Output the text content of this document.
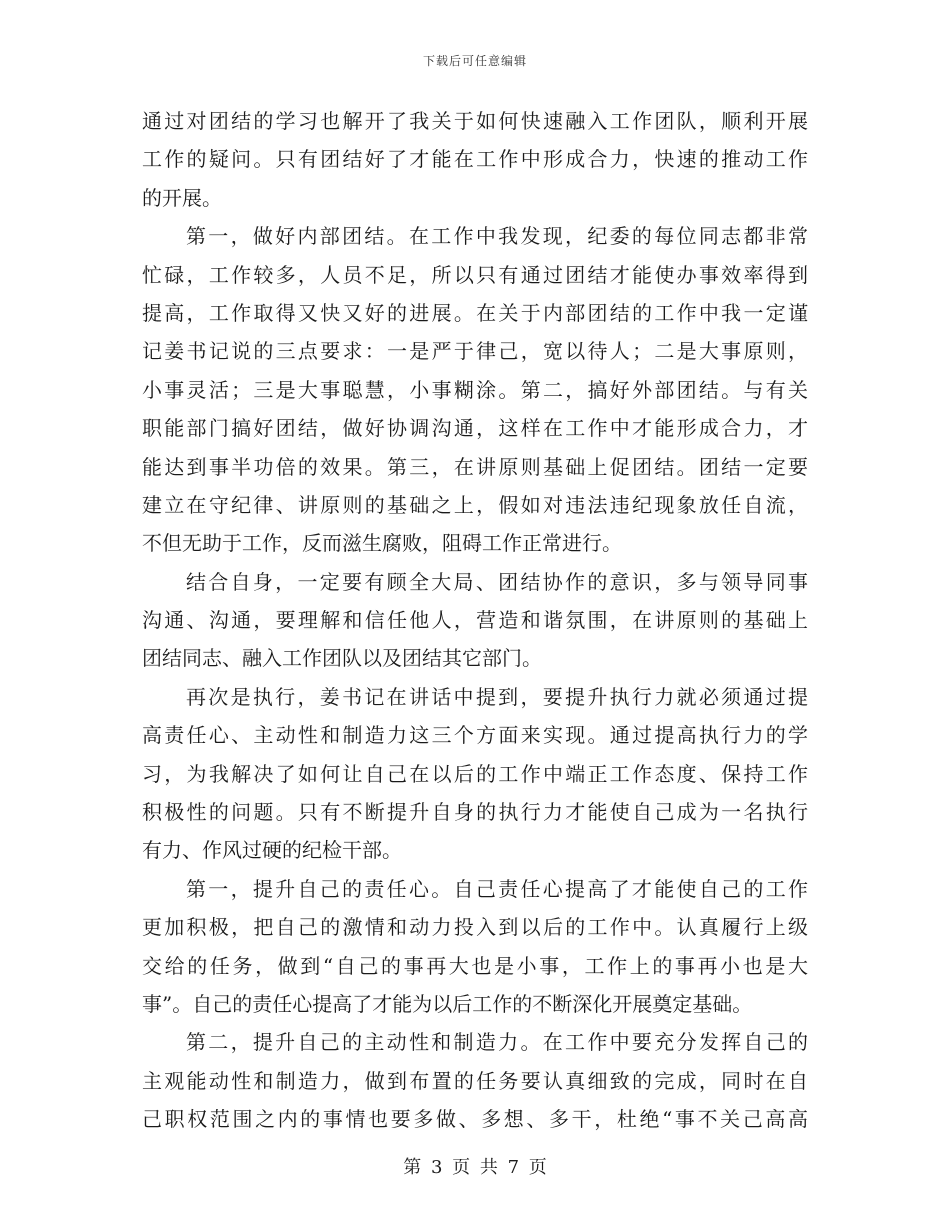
下载后可任意编辑
通过对团结的学习也解开了我关于如何快速融入工作团队，顺利开展
工作的疑问。只有团结好了才能在工作中形成合力，快速的推动工作
的开展。
第一，做好内部团结。在工作中我发现，纪委的每位同志都非常
忙碌，工作较多，人员不足，所以只有通过团结才能使办事效率得到
提高，工作取得又快又好的进展。在关于内部团结的工作中我一定谨
记姜书记说的三点要求：一是严于律己，宽以待人；二是大事原则，
小事灵活；三是大事聪慧，小事糊涂。第二，搞好外部团结。与有关
职能部门搞好团结，做好协调沟通，这样在工作中才能形成合力，才
能达到事半功倍的效果。第三，在讲原则基础上促团结。团结一定要
建立在守纪律、讲原则的基础之上，假如对违法违纪现象放任自流，
不但无助于工作，反而滋生腐败，阻碍工作正常进行。
结合自身，一定要有顾全大局、团结协作的意识，多与领导同事
沟通、沟通，要理解和信任他人，营造和谐氛围，在讲原则的基础上
团结同志、融入工作团队以及团结其它部门。
再次是执行，姜书记在讲话中提到，要提升执行力就必须通过提
高责任心、主动性和制造力这三个方面来实现。通过提高执行力的学
习，为我解决了如何让自己在以后的工作中端正工作态度、保持工作
积极性的问题。只有不断提升自身的执行力才能使自己成为一名执行
有力、作风过硬的纪检干部。
第一，提升自己的责任心。自己责任心提高了才能使自己的工作
更加积极，把自己的激情和动力投入到以后的工作中。认真履行上级
交给的任务，做到“自己的事再大也是小事，工作上的事再小也是大
事”。自己的责任心提高了才能为以后工作的不断深化开展奠定基础。
第二，提升自己的主动性和制造力。在工作中要充分发挥自己的
主观能动性和制造力，做到布置的任务要认真细致的完成，同时在自
己职权范围之内的事情也要多做、多想、多干，杜绝“事不关己高高
第 3 页 共 7 页
